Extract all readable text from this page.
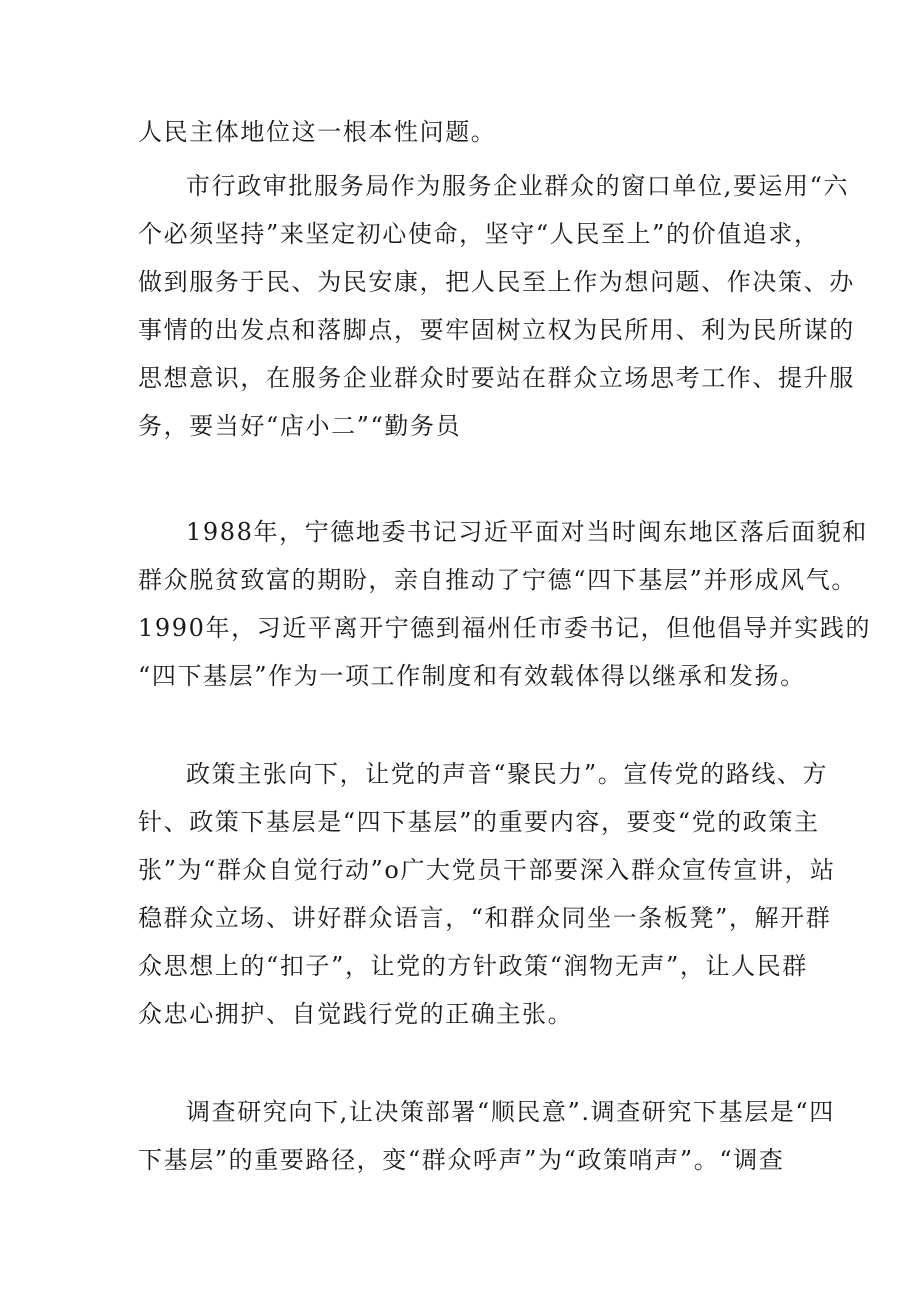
人民主体地位这一根本性问题。
市行政审批服务局作为服务企业群众的窗口单位,要运用“六
个必须坚持”来坚定初心使命，坚守“人民至上”的价值追求，
做到服务于民、为民安康，把人民至上作为想问题、作决策、办
事情的出发点和落脚点，要牢固树立权为民所用、利为民所谋的
思想意识，在服务企业群众时要站在群众立场思考工作、提升服
务，要当好“店小二”“勤务员
1988年，宁德地委书记习近平面对当时闽东地区落后面貌和
群众脱贫致富的期盼，亲自推动了宁德“四下基层”并形成风气。
1990年，习近平离开宁德到福州任市委书记，但他倡导并实践的
“四下基层”作为一项工作制度和有效载体得以继承和发扬。
政策主张向下，让党的声音“聚民力”。宣传党的路线、方
针、政策下基层是“四下基层”的重要内容，要变“党的政策主
张”为“群众自觉行动”o广大党员干部要深入群众宣传宣讲，站
稳群众立场、讲好群众语言，“和群众同坐一条板凳”，解开群
众思想上的“扣子”，让党的方针政策“润物无声”，让人民群
众忠心拥护、自觉践行党的正确主张。
调查研究向下,让决策部署“顺民意”.调查研究下基层是“四
下基层”的重要路径，变“群众呼声”为“政策哨声”。“调查
